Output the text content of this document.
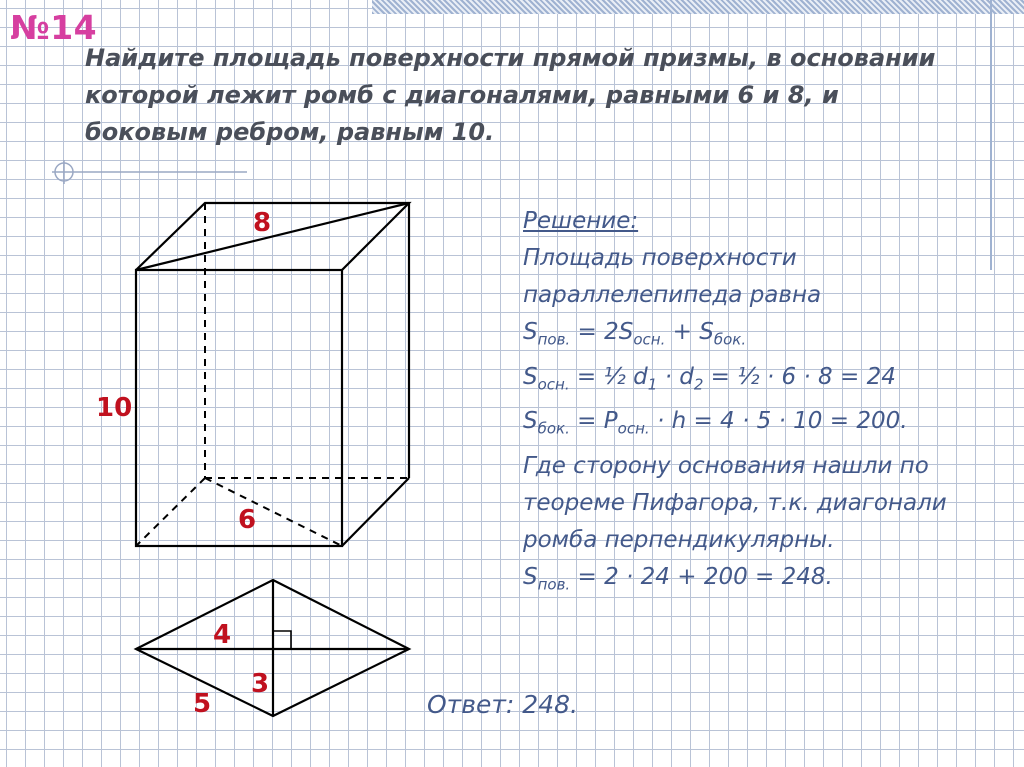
№14

Найдите площадь поверхности прямой призмы, в основании
которой лежит ромб с диагоналями, равными 6 и 8, и
боковым ребром, равным 10.

8
10
6
4
3
5
Решение:
Площадь поверхности
параллелепипеда равна
$S_{пов.} = 2S_{осн.} + S_{бок.}$
$S_{осн.}$ = ½ $d_1 \cdot d_2$ = ½ · 6 · 8 = 24
$S_{бок.} = P_{осн.} \cdot h = 4 \cdot 5 \cdot 10 = 200$.
Где сторону основания нашли по
теореме Пифагора, т.к. диагонали
ромба перпендикулярны.
$S_{пов.} = 2 \cdot 24 + 200 = 248$.
Ответ: 248.
